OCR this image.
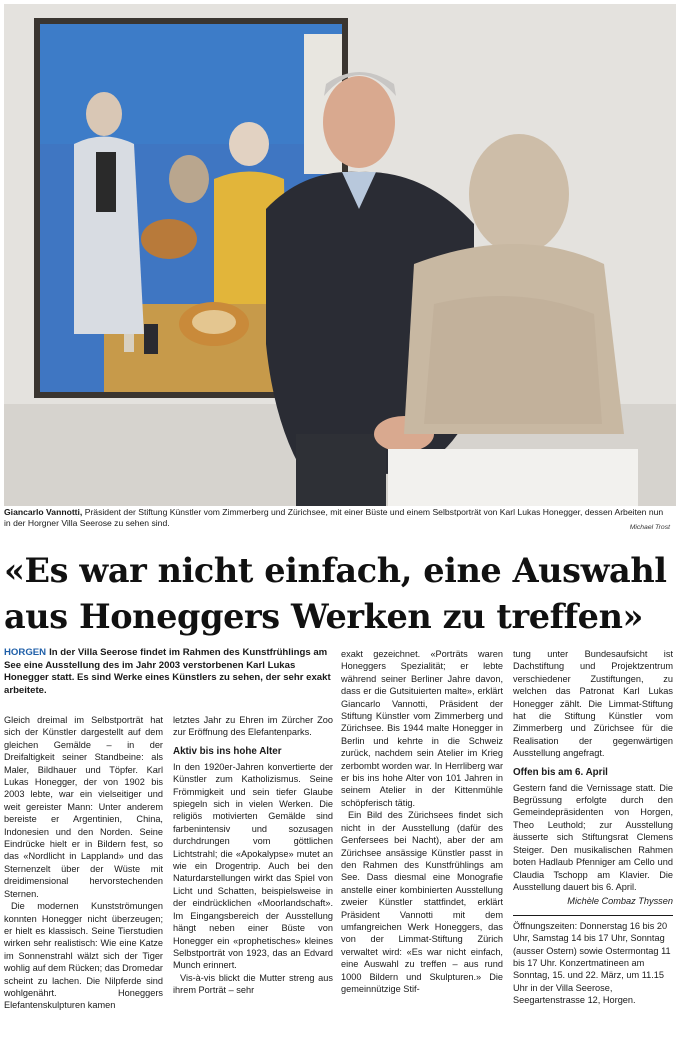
Giancarlo Vannotti, Präsident der Stiftung Künstler vom Zimmerberg und Zürichsee, mit einer Büste und einem Selbstporträt von Karl Lukas Honegger, dessen Arbeiten nun in der Horgner Villa Seerose zu sehen sind.	Michael Trost
«Es war nicht einfach, eine Auswahl
aus Honeggers Werken zu treffen»
HORGEN In der Villa Seerose findet im Rahmen des Kunstfrühlings am See eine Ausstellung des im Jahr 2003 verstorbenen Karl Lukas Honegger statt. Es sind Werke eines Künstlers zu sehen, der sehr exakt arbeitete.

Gleich dreimal im Selbstporträt hat sich der Künstler dargestellt auf dem gleichen Gemälde – in der Dreifaltigkeit seiner Standbeine: als Maler, Bildhauer und Töpfer. Karl Lukas Honegger, der von 1902 bis 2003 lebte, war ein vielseitiger und weit gereister Mann: Unter anderem bereiste er Argentinien, China, Indonesien und den Norden. Seine Eindrücke hielt er in Bildern fest, so das «Nordlicht in Lappland» und das Sternenzelt über der Wüste mit dreidimensional hervorstechenden Sternen.

Die modernen Kunstströmungen konnten Honegger nicht überzeugen; er hielt es klassisch. Seine Tierstudien wirken sehr realistisch: Wie eine Katze im Sonnenstrahl wälzt sich der Tiger wohlig auf dem Rücken; das Dromedar scheint zu lachen. Die Nilpferde sind wohlgenährt. Honeggers Elefantenskulpturen kamen

letztes Jahr zu Ehren im Zürcher Zoo zur Eröffnung des Elefantenparks.

Aktiv bis ins hohe Alter

In den 1920er-Jahren konvertierte der Künstler zum Katholizismus. Seine Frömmigkeit und sein tiefer Glaube spiegeln sich in vielen Werken. Die religiös motivierten Gemälde sind farbenintensiv und sozusagen durchdrungen vom göttlichen Lichtstrahl; die «Apokalypse» mutet an wie ein Drogentrip. Auch bei den Naturdarstellungen wirkt das Spiel von Licht und Schatten, beispielsweise in der eindrücklichen «Moorlandschaft». Im Eingangsbereich der Ausstellung hängt neben einer Büste von Honegger ein «prophetisches» kleines Selbstporträt von 1923, das an Edvard Munch erinnert.

Vis-à-vis blickt die Mutter streng aus ihrem Porträt – sehr

exakt gezeichnet. «Porträts waren Honeggers Spezialität; er lebte während seiner Berliner Jahre davon, dass er die Gutsituierten malte», erklärt Giancarlo Vannotti, Präsident der Stiftung Künstler vom Zimmerberg und Zürichsee. Bis 1944 malte Honegger in Berlin und kehrte in die Schweiz zurück, nachdem sein Atelier im Krieg zerbombt worden war. In Herrliberg war er bis ins hohe Alter von 101 Jahren in seinem Atelier in der Kittenmühle schöpferisch tätig.

Ein Bild des Zürichsees findet sich nicht in der Ausstellung (dafür des Genfersees bei Nacht), aber der am Zürichsee ansässige Künstler passt in den Rahmen des Kunstfrühlings am See. Dass diesmal eine Monografie anstelle einer kombinierten Ausstellung zweier Künstler stattfindet, erklärt Präsident Vannotti mit dem umfangreichen Werk Honeggers, das von der Limmat-Stiftung Zürich verwaltet wird: «Es war nicht einfach, eine Auswahl zu treffen – aus rund 1000 Bildern und Skulpturen.» Die gemeinnützige Stif-

tung unter Bundesaufsicht ist Dachstiftung und Projektzentrum verschiedener Zustiftungen, zu welchen das Patronat Karl Lukas Honegger zählt. Die Limmat-Stiftung hat die Stiftung Künstler vom Zimmerberg und Zürichsee für die Realisation der gegenwärtigen Ausstellung angefragt.

Offen bis am 6. April

Gestern fand die Vernissage statt. Die Begrüssung erfolgte durch den Gemeindepräsidenten von Horgen, Theo Leuthold; zur Ausstellung äusserte sich Stiftungsrat Clemens Steiger. Den musikalischen Rahmen boten Hadlaub Pfenniger am Cello und Claudia Tschopp am Klavier. Die Ausstellung dauert bis 6. April.

Michèle Combaz Thyssen
Öffnungszeiten: Donnerstag 16 bis 20 Uhr, Samstag 14 bis 17 Uhr, Sonntag (ausser Ostern) sowie Ostermontag 11 bis 17 Uhr. Konzertmatineen am Sonntag, 15. und 22. März, um 11.15 Uhr in der Villa Seerose, Seegartenstrasse 12, Horgen.
